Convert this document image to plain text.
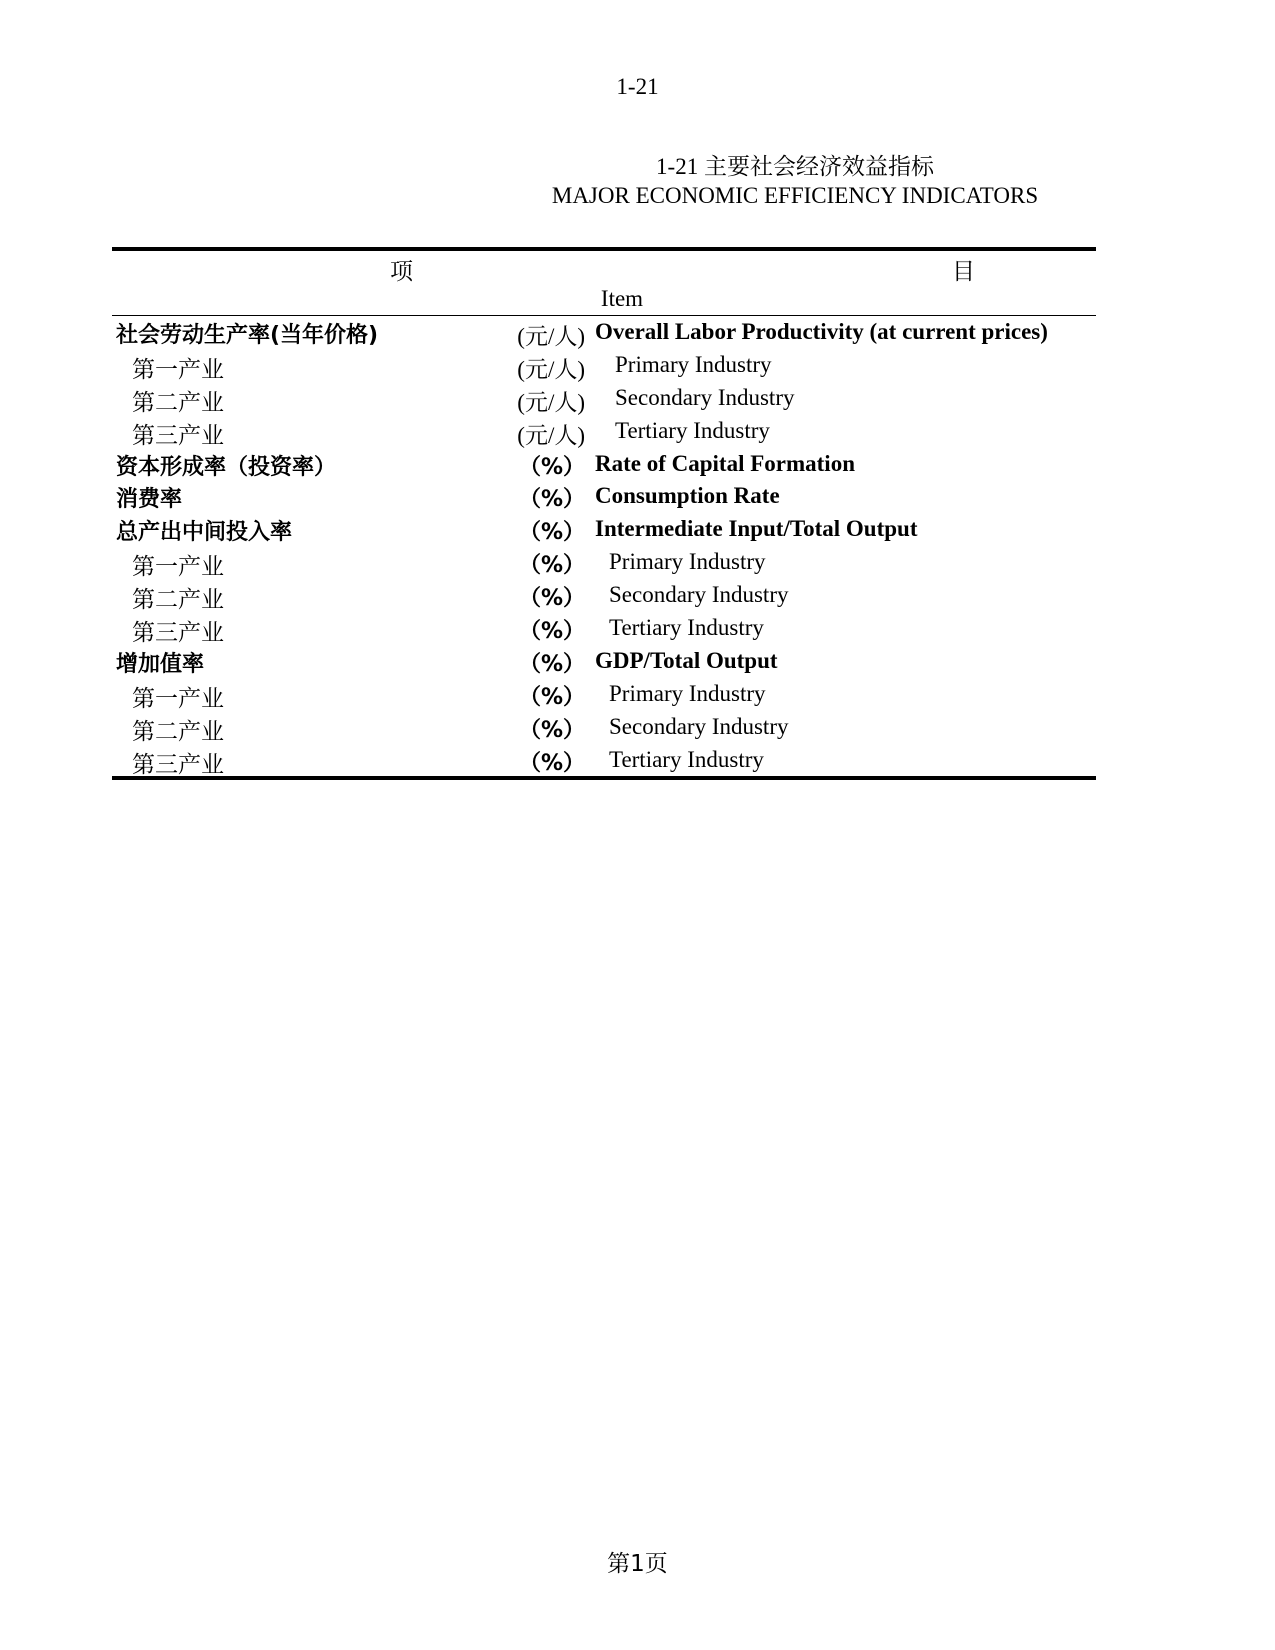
1-21
1-21 主要社会经济效益指标
MAJOR ECONOMIC EFFICIENCY INDICATORS
项	目
Item
社会劳动生产率(当年价格)	(元/人) Overall Labor Productivity (at current prices)
第一产业	(元/人) Primary Industry
第二产业	(元/人) Secondary Industry
第三产业	(元/人) Tertiary Industry
资本形成率（投资率）	（%） Rate of Capital Formation
消费率	（%） Consumption Rate
总产出中间投入率	（%） Intermediate Input/Total Output
第一产业	（%） Primary Industry
第二产业	（%） Secondary Industry
第三产业	（%） Tertiary Industry
增加值率	（%） GDP/Total Output
第一产业	（%） Primary Industry
第二产业	（%） Secondary Industry
第三产业	（%） Tertiary Industry
第1页
